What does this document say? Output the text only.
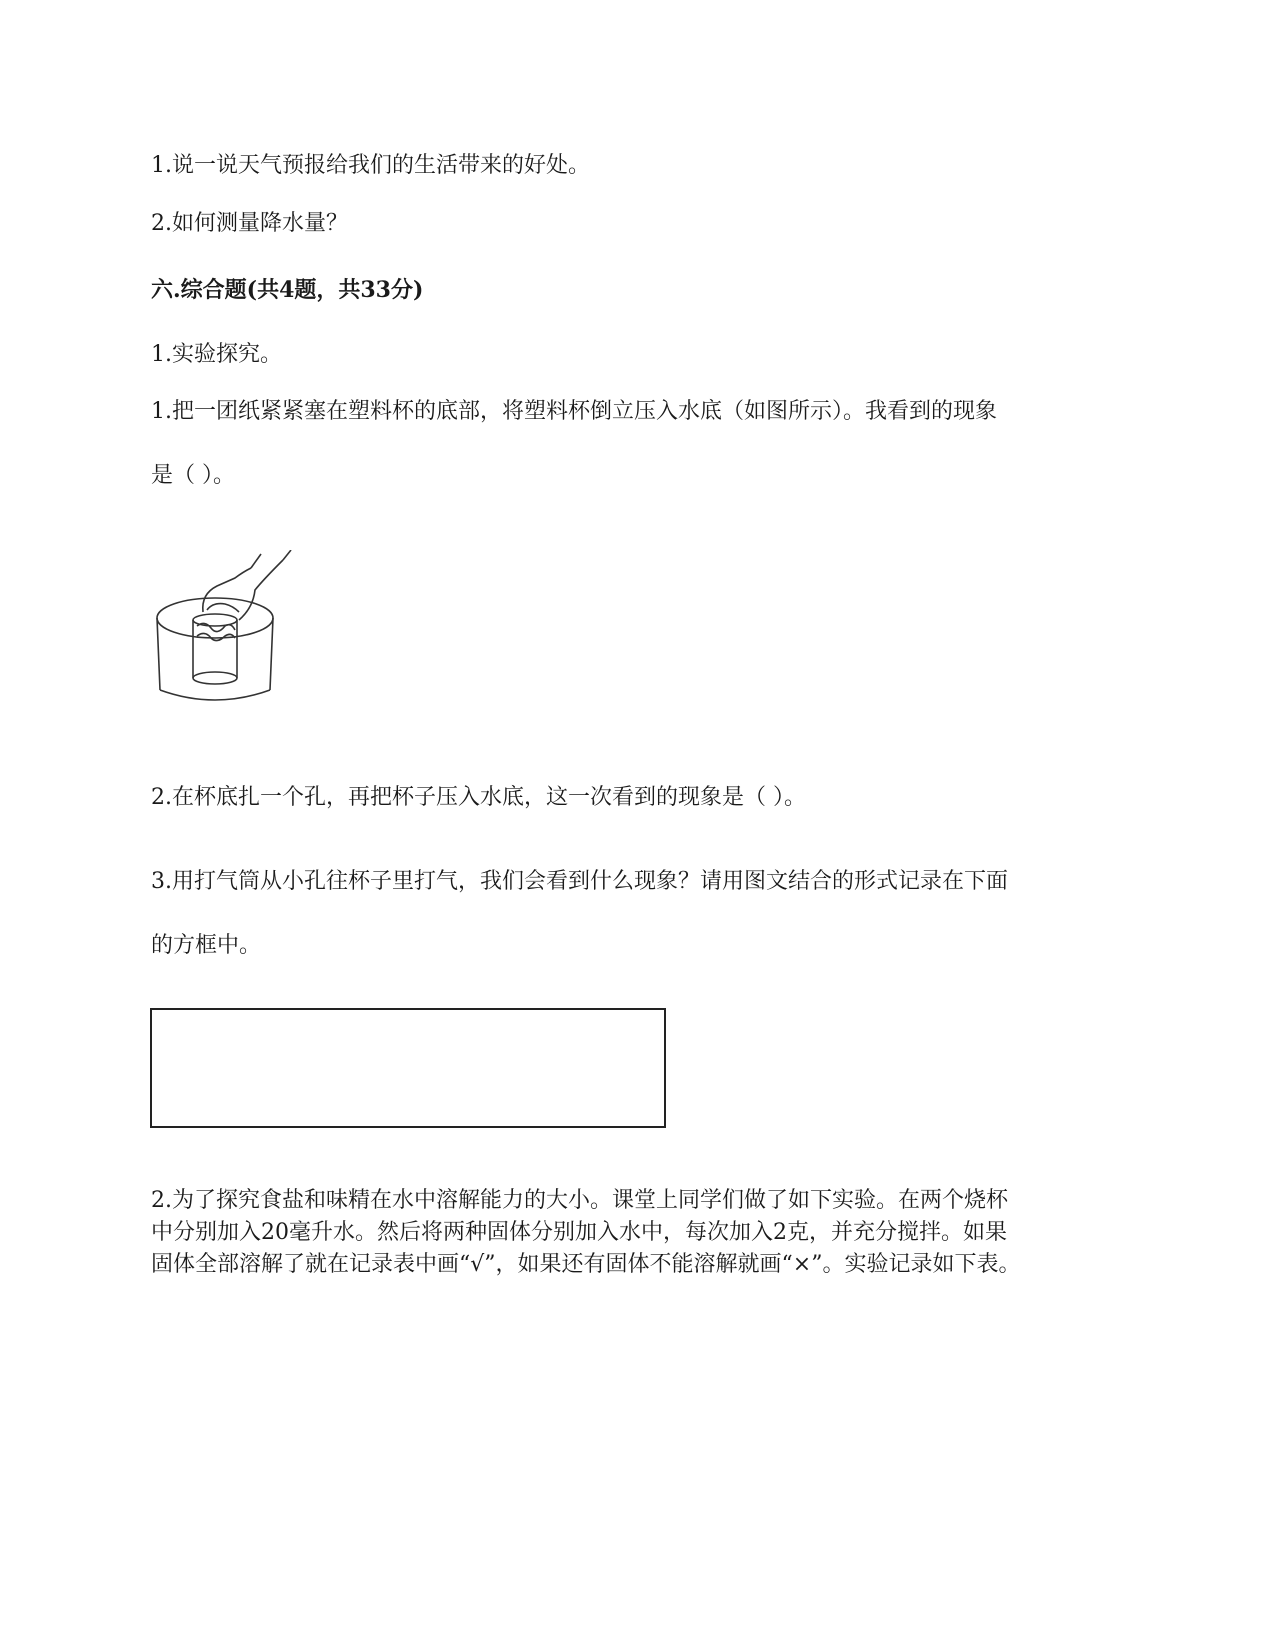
1.说一说天气预报给我们的生活带来的好处。
2.如何测量降水量？
六.综合题(共4题，共33分)
1.实验探究。
1.把一团纸紧紧塞在塑料杯的底部，将塑料杯倒立压入水底（如图所示）。我看到的现象
是（ ）。
2.在杯底扎一个孔，再把杯子压入水底，这一次看到的现象是（ ）。
3.用打气筒从小孔往杯子里打气，我们会看到什么现象？请用图文结合的形式记录在下面
的方框中。
2.为了探究食盐和味精在水中溶解能力的大小。课堂上同学们做了如下实验。在两个烧杯
中分别加入20毫升水。然后将两种固体分别加入水中，每次加入2克，并充分搅拌。如果
固体全部溶解了就在记录表中画“√”，如果还有固体不能溶解就画“×”。实验记录如下表。
